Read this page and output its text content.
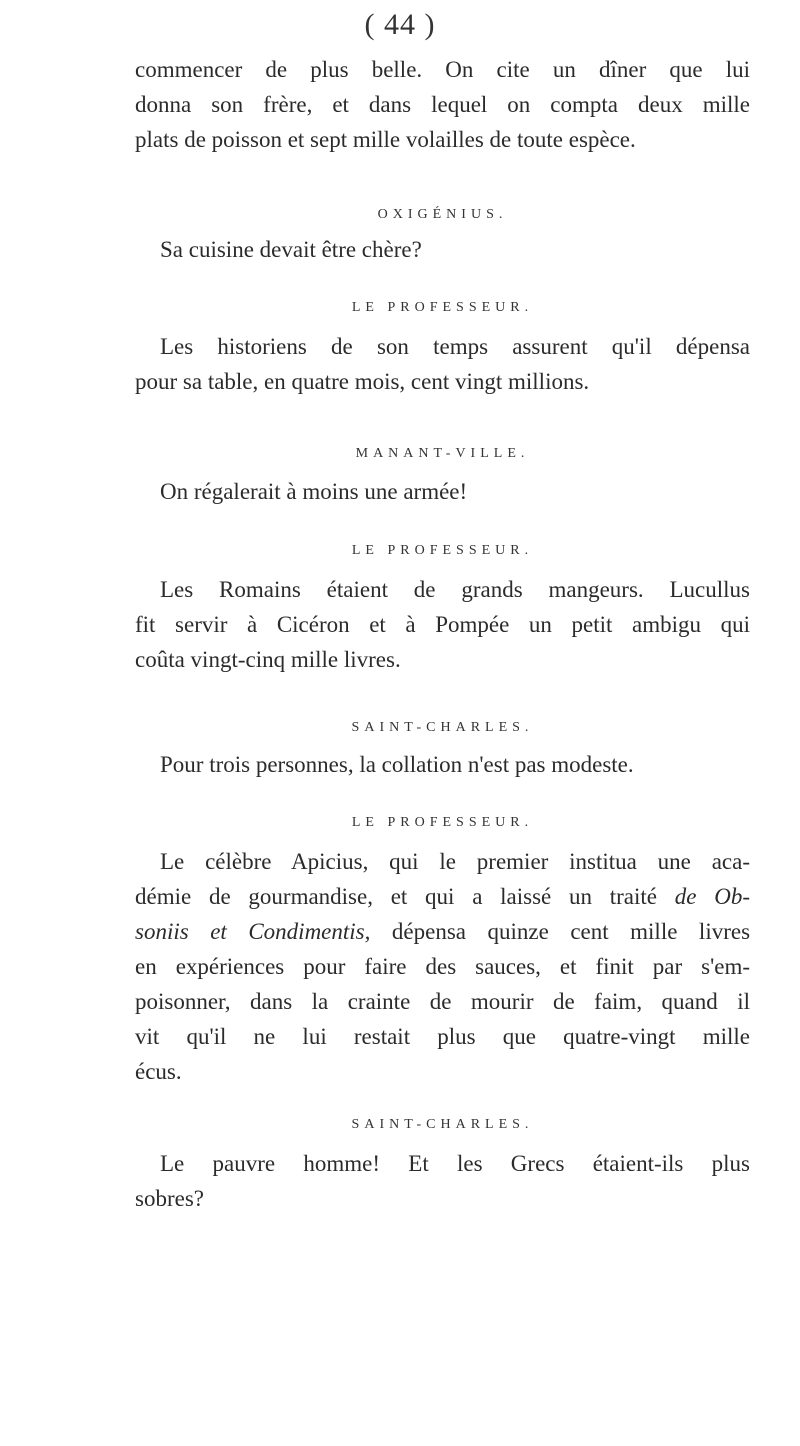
( 44 )
commencer de plus belle. On cite un dîner que lui
donna son frère, et dans lequel on compta deux mille
plats de poisson et sept mille volailles de toute espèce.
OXIGÉNIUS.
Sa cuisine devait être chère?
LE PROFESSEUR.
Les historiens de son temps assurent qu'il dépensa
pour sa table, en quatre mois, cent vingt millions.
MANANT-VILLE.
On régalerait à moins une armée!
LE PROFESSEUR.
Les Romains étaient de grands mangeurs. Lucullus
fit servir à Cicéron et à Pompée un petit ambigu qui
coûta vingt-cinq mille livres.
SAINT-CHARLES.
Pour trois personnes, la collation n'est pas modeste.
LE PROFESSEUR.
Le célèbre Apicius, qui le premier institua une aca-
démie de gourmandise, et qui a laissé un traité de Ob-
soniis et Condimentis, dépensa quinze cent mille livres
en expériences pour faire des sauces, et finit par s'em-
poisonner, dans la crainte de mourir de faim, quand il
vit qu'il ne lui restait plus que quatre-vingt mille
écus.
SAINT-CHARLES.
Le pauvre homme! Et les Grecs étaient-ils plus
sobres?
